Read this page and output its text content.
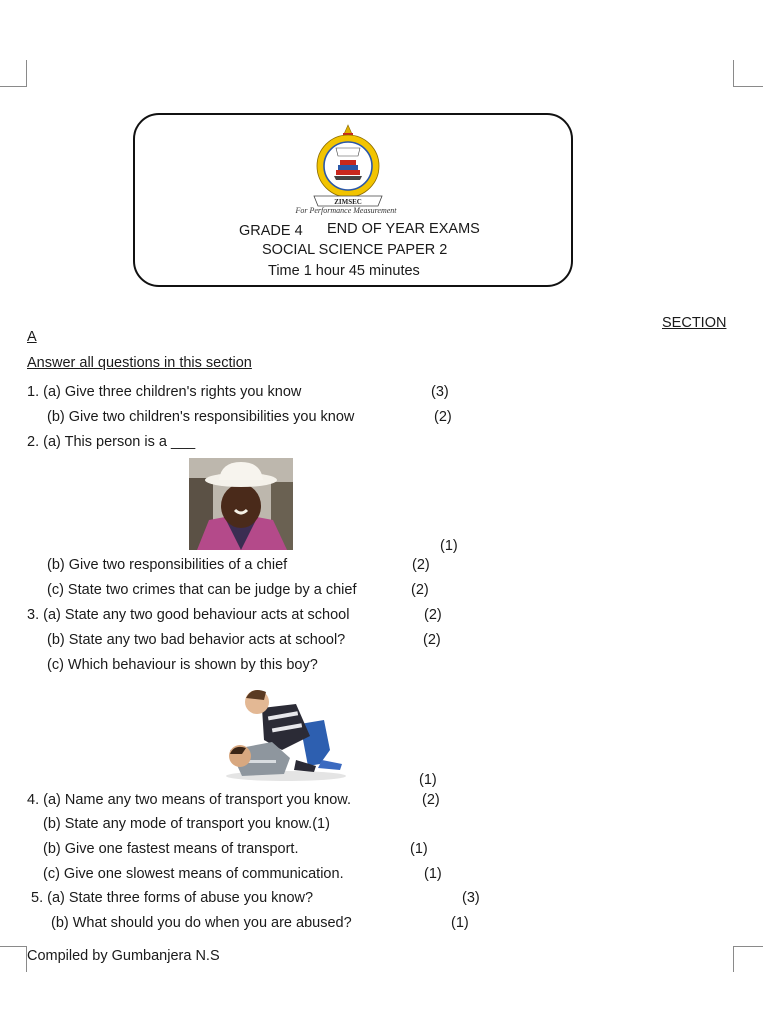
ZIMSEC
For Performance Measurement
GRADE 4 END OF YEAR EXAMS
SOCIAL SCIENCE PAPER 2
Time 1 hour 45 minutes
SECTION
A
Answer all questions in this section
1. (a) Give three children's rights you know	(3)
(b) Give two children's responsibilities you know	(2)
2. (a) This person is a ___
(1)
(b) Give two responsibilities of a chief	(2)
(c) State two crimes that can be judge by a chief	(2)
3. (a) State any two good behaviour acts at school	(2)
(b) State any two bad behavior acts at school?	(2)
(c) Which behaviour is shown by this boy?
(1)
4. (a) Name any two means of transport you know.	(2)
(b) State any mode of transport you know.(1)
(b) Give one fastest means of transport.	(1)
(c) Give one slowest means of communication.	(1)
5. (a) State three forms of abuse you know?	(3)
(b) What should you do when you are abused?	(1)
Compiled by Gumbanjera N.S
